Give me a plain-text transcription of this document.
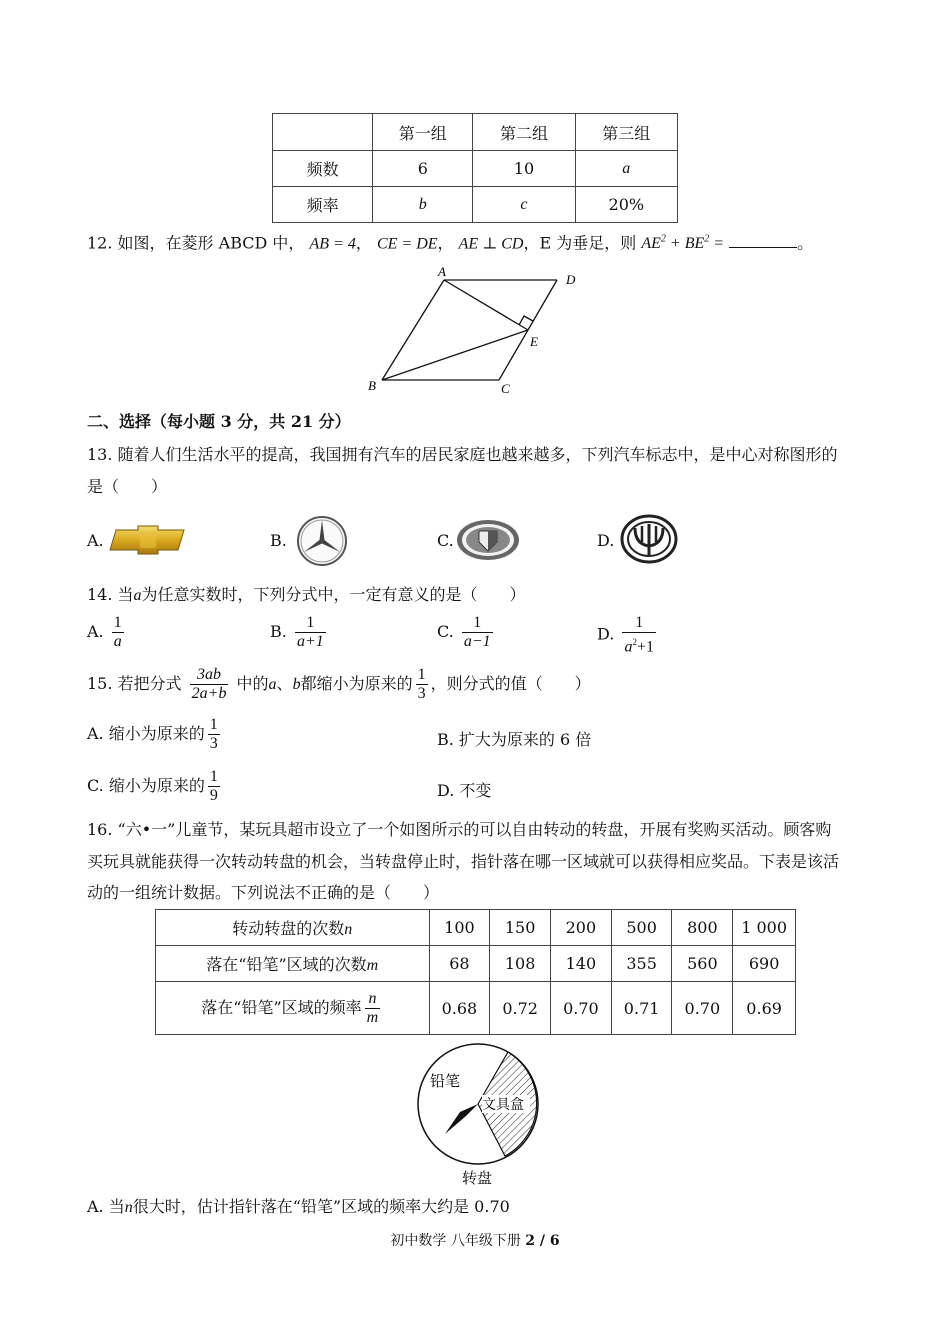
	第一组	第二组	第三组
频数	6	10	a
频率	b	c	20%
12. 如图，在菱形 ABCD 中， AB = 4， CE = DE， AE ⊥ CD，E 为垂足，则 $AE^2 + BE^2$ =	。
A
D
E
B	C
二、选择（每小题 3 分，共 21 分）
13. 随着人们生活水平的提高，我国拥有汽车的居民家庭也越来越多，下列汽车标志中，是中心对称图形的
是（　　）
A.	B.	C.	D.
14. 当a为任意实数时，下列分式中，一定有意义的是（　　）
A. $\frac{1}{a}$	B. $\frac{1}{a+1}$	C. $\frac{1}{a-1}$	D. $\frac{1}{a^2+1}$
15. 若把分式 $\frac{3ab}{2a+b}$ 中的a、b都缩小为原来的 $\frac{1}{3}$ ，则分式的值（　　）
A. 缩小为原来的 $\frac{1}{3}$	B. 扩大为原来的 6 倍
C. 缩小为原来的 $\frac{1}{9}$	D. 不变
16. “六•一”儿童节，某玩具超市设立了一个如图所示的可以自由转动的转盘，开展有奖购买活动。顾客购
买玩具就能获得一次转动转盘的机会，当转盘停止时，指针落在哪一区域就可以获得相应奖品。下表是该活
动的一组统计数据。下列说法不正确的是（　　）
转动转盘的次数n	100	150	200	500	800	1 000
落在“铅笔”区域的次数m	68	108	140	355	560	690
落在“铅笔”区域的频率 $\frac{n}{m}$	0.68	0.72	0.70	0.71	0.70	0.69
铅笔
文具盒
转盘
A. 当n很大时，估计指针落在“铅笔”区域的频率大约是 0.70
初中数学 八年级下册 2 / 6
